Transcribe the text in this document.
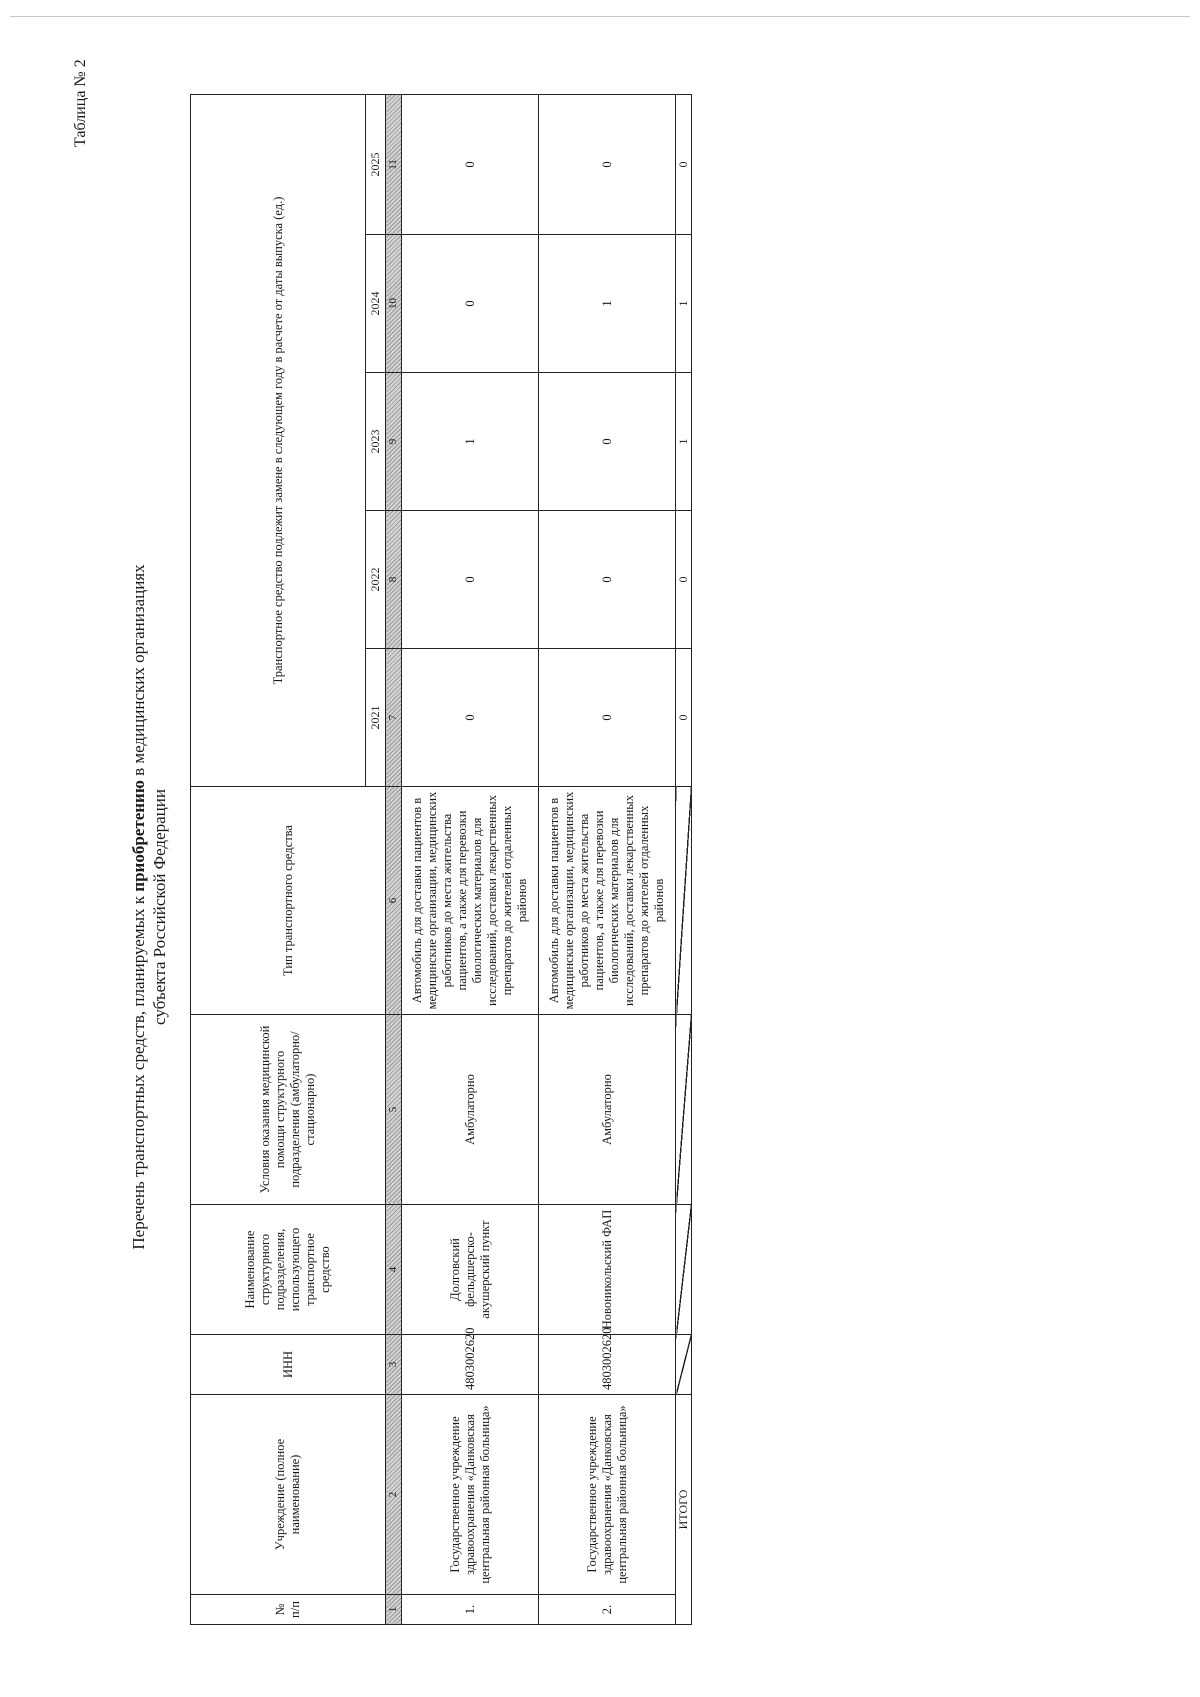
Таблица № 2
Перечень транспортных средств, планируемых к приобретению в медицинских организациях
субъекта Российской Федерации
№ п/п	Учреждение (полное наименование)	ИНН	Наименование структурного подразделения, использующего транспортное средство	Условия оказания медицинской помощи структурного подразделения (амбулаторно/стационарно)	Тип транспортного средства	Транспортное средство подлежит замене в следующем году в расчете от даты выпуска (ед.)				
						2021	2022	2023	2024	2025
1	2	3	4	5	6	7	8	9	10	11
1.	Государственное учреждение здравоохранения «Данковская центральная районная больница»	4803002620	Долговский фельдшерско-акушерский пункт	Амбулаторно	Автомобиль для доставки пациентов в медицинские организации, медицинских работников до места жительства пациентов, а также для перевозки биологических материалов для исследований, доставки лекарственных препаратов до жителей отдаленных районов	0	0	1	0	0
2.	Государственное учреждение здравоохранения «Данковская центральная районная больница»	4803002620	Новоникольский ФАП	Амбулаторно	Автомобиль для доставки пациентов в медицинские организации, медицинских работников до места жительства пациентов, а также для перевозки биологических материалов для исследований, доставки лекарственных препаратов до жителей отдаленных районов	0	0	0	1	0
ИТОГО						0	0	1	1	0
